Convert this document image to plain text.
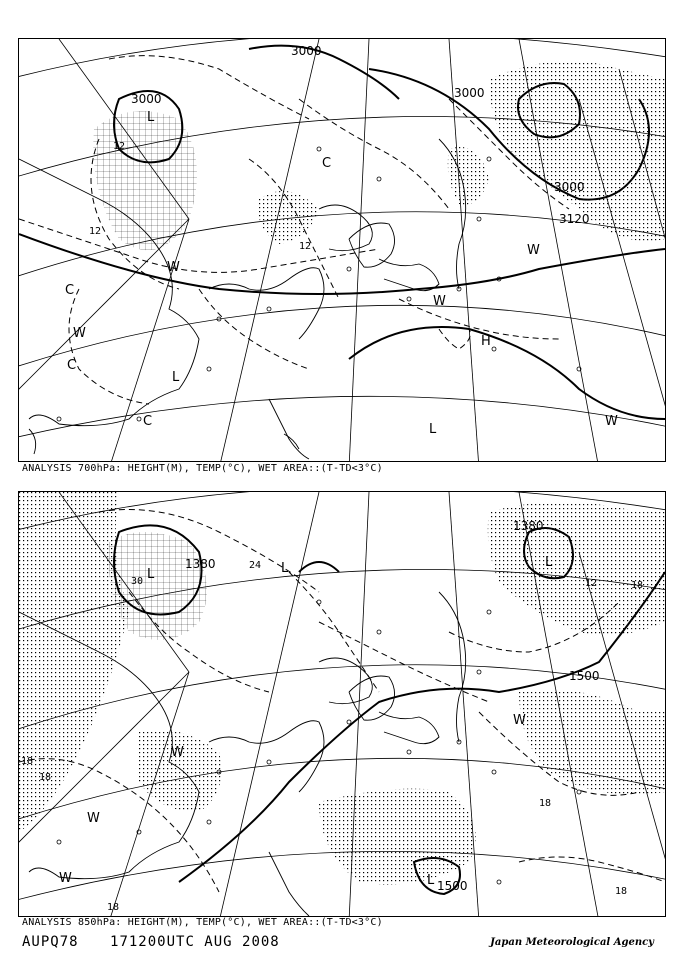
3000
3000
3000
3000
3120
12
12
12
L
L
L
H
C
C
C
C
W
W
W
W
W
ANALYSIS 700hPa: HEIGHT(M), TEMP(°C), WET AREA::(T-TD<3°C)
1380
1500
1500
1380
30
24
12	18
18
18
18
18
18
L	L	L
L
W
W
W
W
ANALYSIS 850hPa: HEIGHT(M), TEMP(°C), WET AREA::(T-TD<3°C)
AUPQ78 171200UTC AUG 2008	Japan Meteorological Agency
